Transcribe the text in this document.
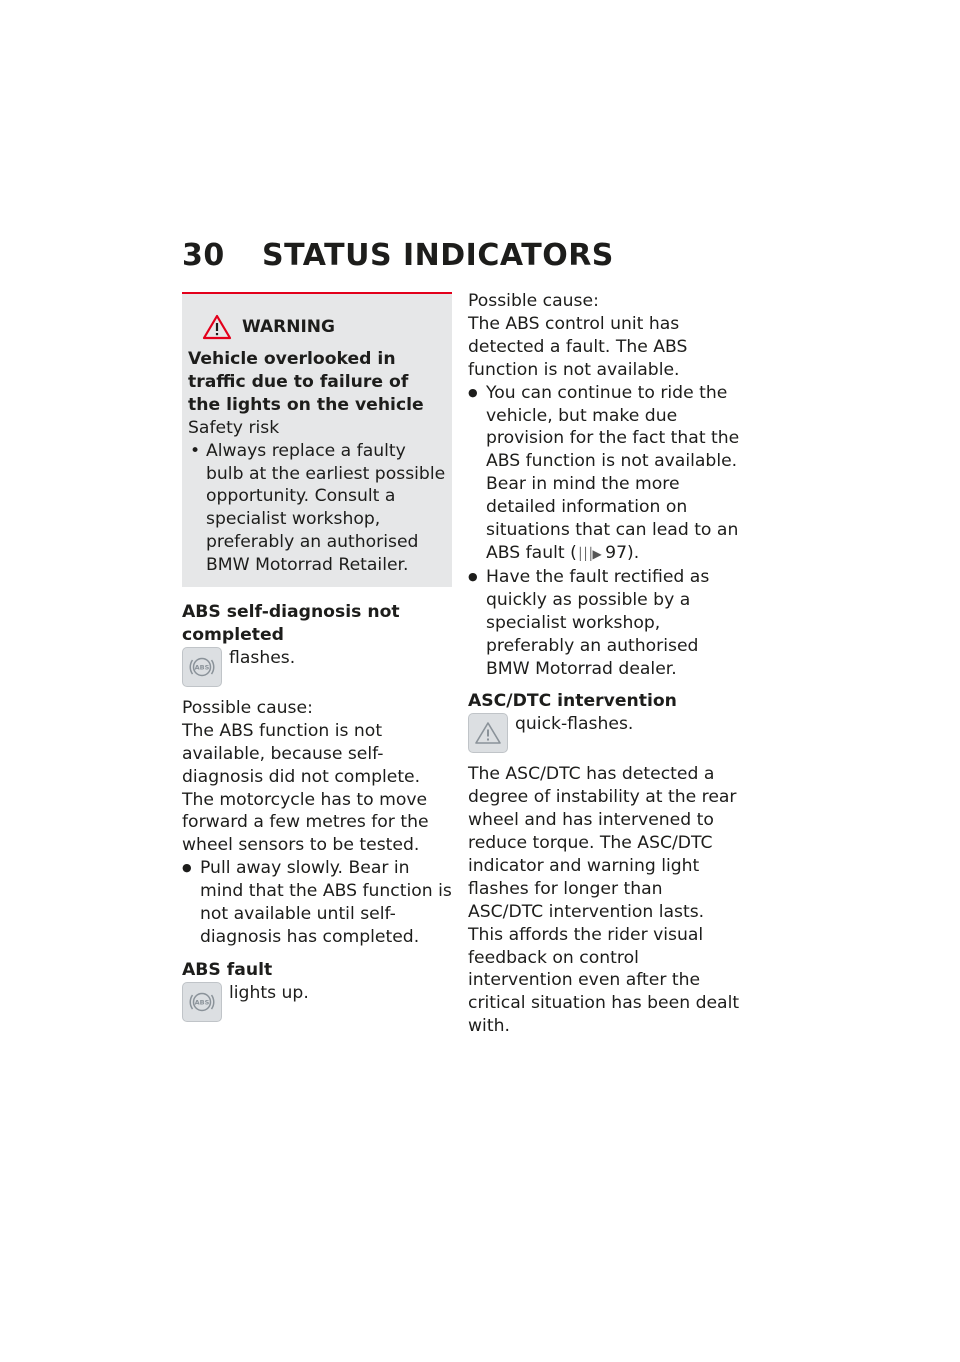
30 STATUS INDICATORS
WARNING

Vehicle overlooked in traffic due to failure of the lights on the vehicle

Safety risk

• Always replace a faulty bulb at the earliest possible opportunity. Consult a specialist workshop, preferably an authorised BMW Motorrad Retailer.

ABS self-diagnosis not completed

ABS flashes.

Possible cause:

The ABS function is not available, because self-diagnosis did not complete. The motorcycle has to move forward a few metres for the wheel sensors to be tested.

● Pull away slowly. Bear in mind that the ABS function is not available until self-diagnosis has completed.

ABS fault

ABS lights up.

Possible cause:

The ABS control unit has detected a fault. The ABS function is not available.

● You can continue to ride the vehicle, but make due provision for the fact that the ABS function is not available. Bear in mind the more detailed information on situations that can lead to an ABS fault (│││▶ 97).

● Have the fault rectified as quickly as possible by a specialist workshop, preferably an authorised BMW Motorrad dealer.

ASC/DTC intervention

quick-flashes.

The ASC/DTC has detected a degree of instability at the rear wheel and has intervened to reduce torque. The ASC/DTC indicator and warning light flashes for longer than ASC/DTC intervention lasts. This affords the rider visual feedback on control intervention even after the critical situation has been dealt with.
